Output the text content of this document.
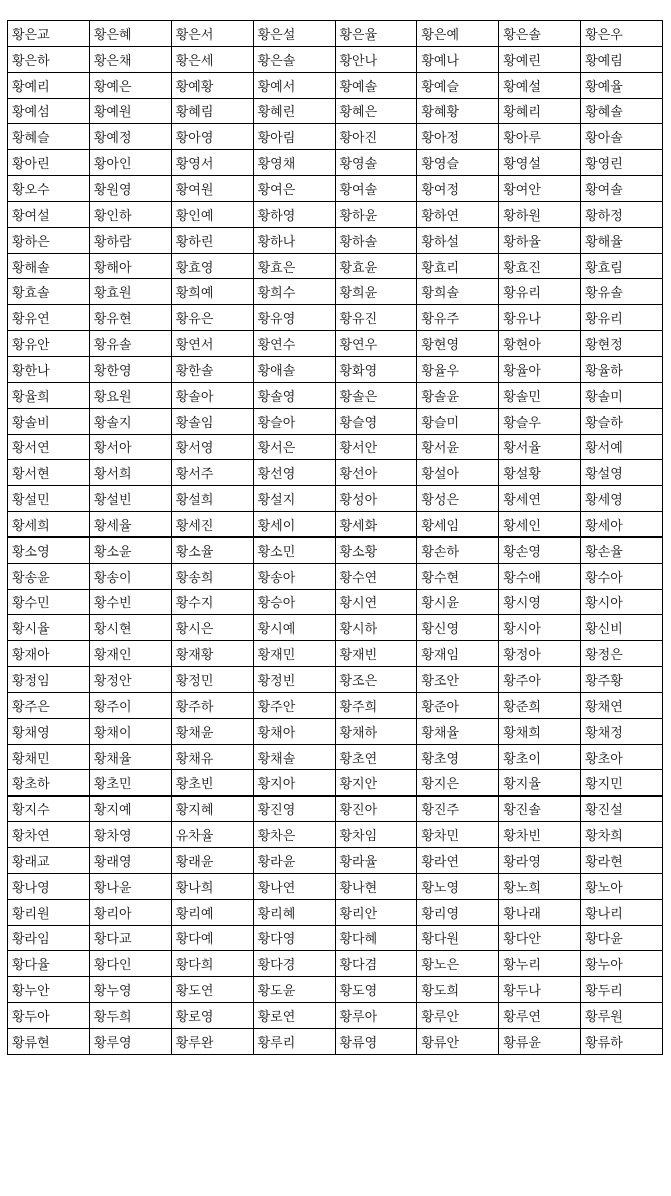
황은교	황은혜	황은서	황은설	황은율	황은예	황은솔	황은우
황은하	황은채	황은세	황은솔	황안나	황예나	황예린	황예림
황예리	황예은	황예황	황예서	황예솔	황예슬	황예설	황예율
황예섬	황예원	황혜림	황혜린	황혜은	황혜황	황혜리	황혜솔
황혜슬	황예정	황아영	황아림	황아진	황아정	황아루	황아솔
황아린	황아인	황영서	황영채	황영솔	황영슬	황영설	황영린
황오수	황원영	황여원	황여은	황여솔	황여정	황여안	황여솔
황여설	황인하	황인예	황하영	황하윤	황하연	황하원	황하정
황하은	황하람	황하린	황하나	황하솔	황하설	황하율	황해율
황해솔	황해아	황효영	황효은	황효윤	황효리	황효진	황효림
황효솔	황효원	황희예	황희수	황희윤	황희솔	황유리	황유솔
황유연	황유현	황유은	황유영	황유진	황유주	황유나	황유리
황유안	황유솔	황연서	황연수	황연우	황현영	황현아	황현정
황한나	황한영	황한솔	황애솔	황화영	황율우	황율아	황율하
황율희	황요원	황솔아	황솔영	황솔은	황솔윤	황솔민	황솔미
황솔비	황솔지	황솔임	황슬아	황슬영	황슬미	황슬우	황슬하
황서연	황서아	황서영	황서은	황서안	황서윤	황서율	황서예
황서현	황서희	황서주	황선영	황선아	황설아	황설황	황설영
황설민	황설빈	황설희	황설지	황성아	황성은	황세연	황세영
황세희	황세율	황세진	황세이	황세화	황세임	황세인	황세아
황소영	황소윤	황소율	황소민	황소황	황손하	황손영	황손율
황송윤	황송이	황송희	황송아	황수연	황수현	황수애	황수아
황수민	황수빈	황수지	황승아	황시연	황시윤	황시영	황시아
황시율	황시현	황시은	황시예	황시하	황신영	황시아	황신비
황재아	황재인	황재황	황재민	황재빈	황재임	황정아	황정은
황정임	황정안	황정민	황정빈	황조은	황조안	황주아	황주황
황주은	황주이	황주하	황주안	황주희	황준아	황준희	황채연
황채영	황채이	황채윤	황채아	황채하	황채율	황채희	황채정
황채민	황채율	황채유	황채솔	황초연	황초영	황초이	황초아
황초하	황초민	황초빈	황지아	황지안	황지은	황지율	황지민
황지수	황지예	황지혜	황진영	황진아	황진주	황진솔	황진설
황차연	황차영	유차율	황차은	황차임	황차민	황차빈	황차희
황래교	황래영	황래윤	황라윤	황라율	황라연	황라영	황라현
황나영	황나윤	황나희	황나연	황나현	황노영	황노희	황노아
황리원	황리아	황리예	황리혜	황리안	황리영	황나래	황나리
황라임	황다교	황다예	황다영	황다혜	황다원	황다안	황다윤
황다율	황다인	황다희	황다경	황다겸	황노은	황누리	황누아
황누안	황누영	황도연	황도윤	황도영	황도희	황두나	황두리
황두아	황두희	황로영	황로연	황루아	황루안	황루연	황루원
황류현	황루영	황루완	황루리	황류영	황류안	황류윤	황류하
